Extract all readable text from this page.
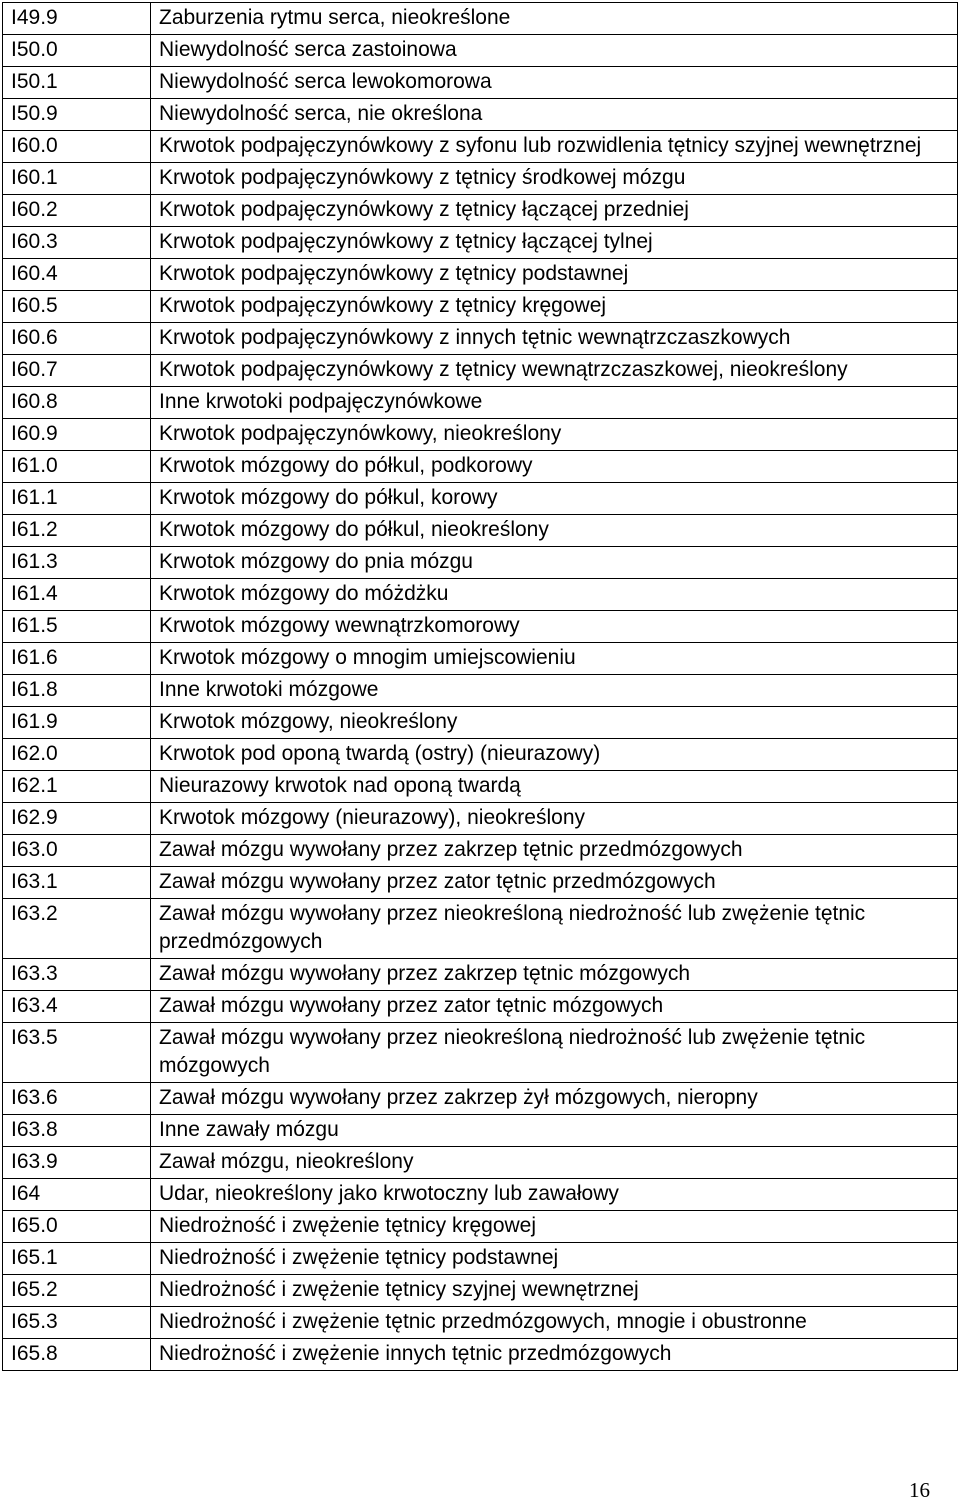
I49.9	Zaburzenia rytmu serca, nieokreślone
I50.0	Niewydolność serca zastoinowa
I50.1	Niewydolność serca lewokomorowa
I50.9	Niewydolność serca, nie określona
I60.0	Krwotok podpajęczynówkowy z syfonu lub rozwidlenia tętnicy szyjnej wewnętrznej
I60.1	Krwotok podpajęczynówkowy z tętnicy środkowej mózgu
I60.2	Krwotok podpajęczynówkowy z tętnicy łączącej przedniej
I60.3	Krwotok podpajęczynówkowy z tętnicy łączącej tylnej
I60.4	Krwotok podpajęczynówkowy z tętnicy podstawnej
I60.5	Krwotok podpajęczynówkowy z tętnicy kręgowej
I60.6	Krwotok podpajęczynówkowy z innych tętnic wewnątrzczaszkowych
I60.7	Krwotok podpajęczynówkowy z tętnicy wewnątrzczaszkowej, nieokreślony
I60.8	Inne krwotoki podpajęczynówkowe
I60.9	Krwotok podpajęczynówkowy, nieokreślony
I61.0	Krwotok mózgowy do półkul, podkorowy
I61.1	Krwotok mózgowy do półkul, korowy
I61.2	Krwotok mózgowy do półkul, nieokreślony
I61.3	Krwotok mózgowy do pnia mózgu
I61.4	Krwotok mózgowy do móżdżku
I61.5	Krwotok mózgowy wewnątrzkomorowy
I61.6	Krwotok mózgowy o mnogim umiejscowieniu
I61.8	Inne krwotoki mózgowe
I61.9	Krwotok mózgowy, nieokreślony
I62.0	Krwotok pod oponą twardą (ostry) (nieurazowy)
I62.1	Nieurazowy krwotok nad oponą twardą
I62.9	Krwotok mózgowy (nieurazowy), nieokreślony
I63.0	Zawał mózgu wywołany przez zakrzep tętnic przedmózgowych
I63.1	Zawał mózgu wywołany przez zator tętnic przedmózgowych
I63.2	Zawał mózgu wywołany przez nieokreśloną niedrożność lub zwężenie tętnic przedmózgowych
I63.3	Zawał mózgu wywołany przez zakrzep tętnic mózgowych
I63.4	Zawał mózgu wywołany przez zator tętnic mózgowych
I63.5	Zawał mózgu wywołany przez nieokreśloną niedrożność lub zwężenie tętnic mózgowych
I63.6	Zawał mózgu wywołany przez zakrzep żył mózgowych, nieropny
I63.8	Inne zawały mózgu
I63.9	Zawał mózgu, nieokreślony
I64	Udar, nieokreślony jako krwotoczny lub zawałowy
I65.0	Niedrożność i zwężenie tętnicy kręgowej
I65.1	Niedrożność i zwężenie tętnicy podstawnej
I65.2	Niedrożność i zwężenie tętnicy szyjnej wewnętrznej
I65.3	Niedrożność i zwężenie tętnic przedmózgowych, mnogie i obustronne
I65.8	Niedrożność i zwężenie innych tętnic przedmózgowych
16
